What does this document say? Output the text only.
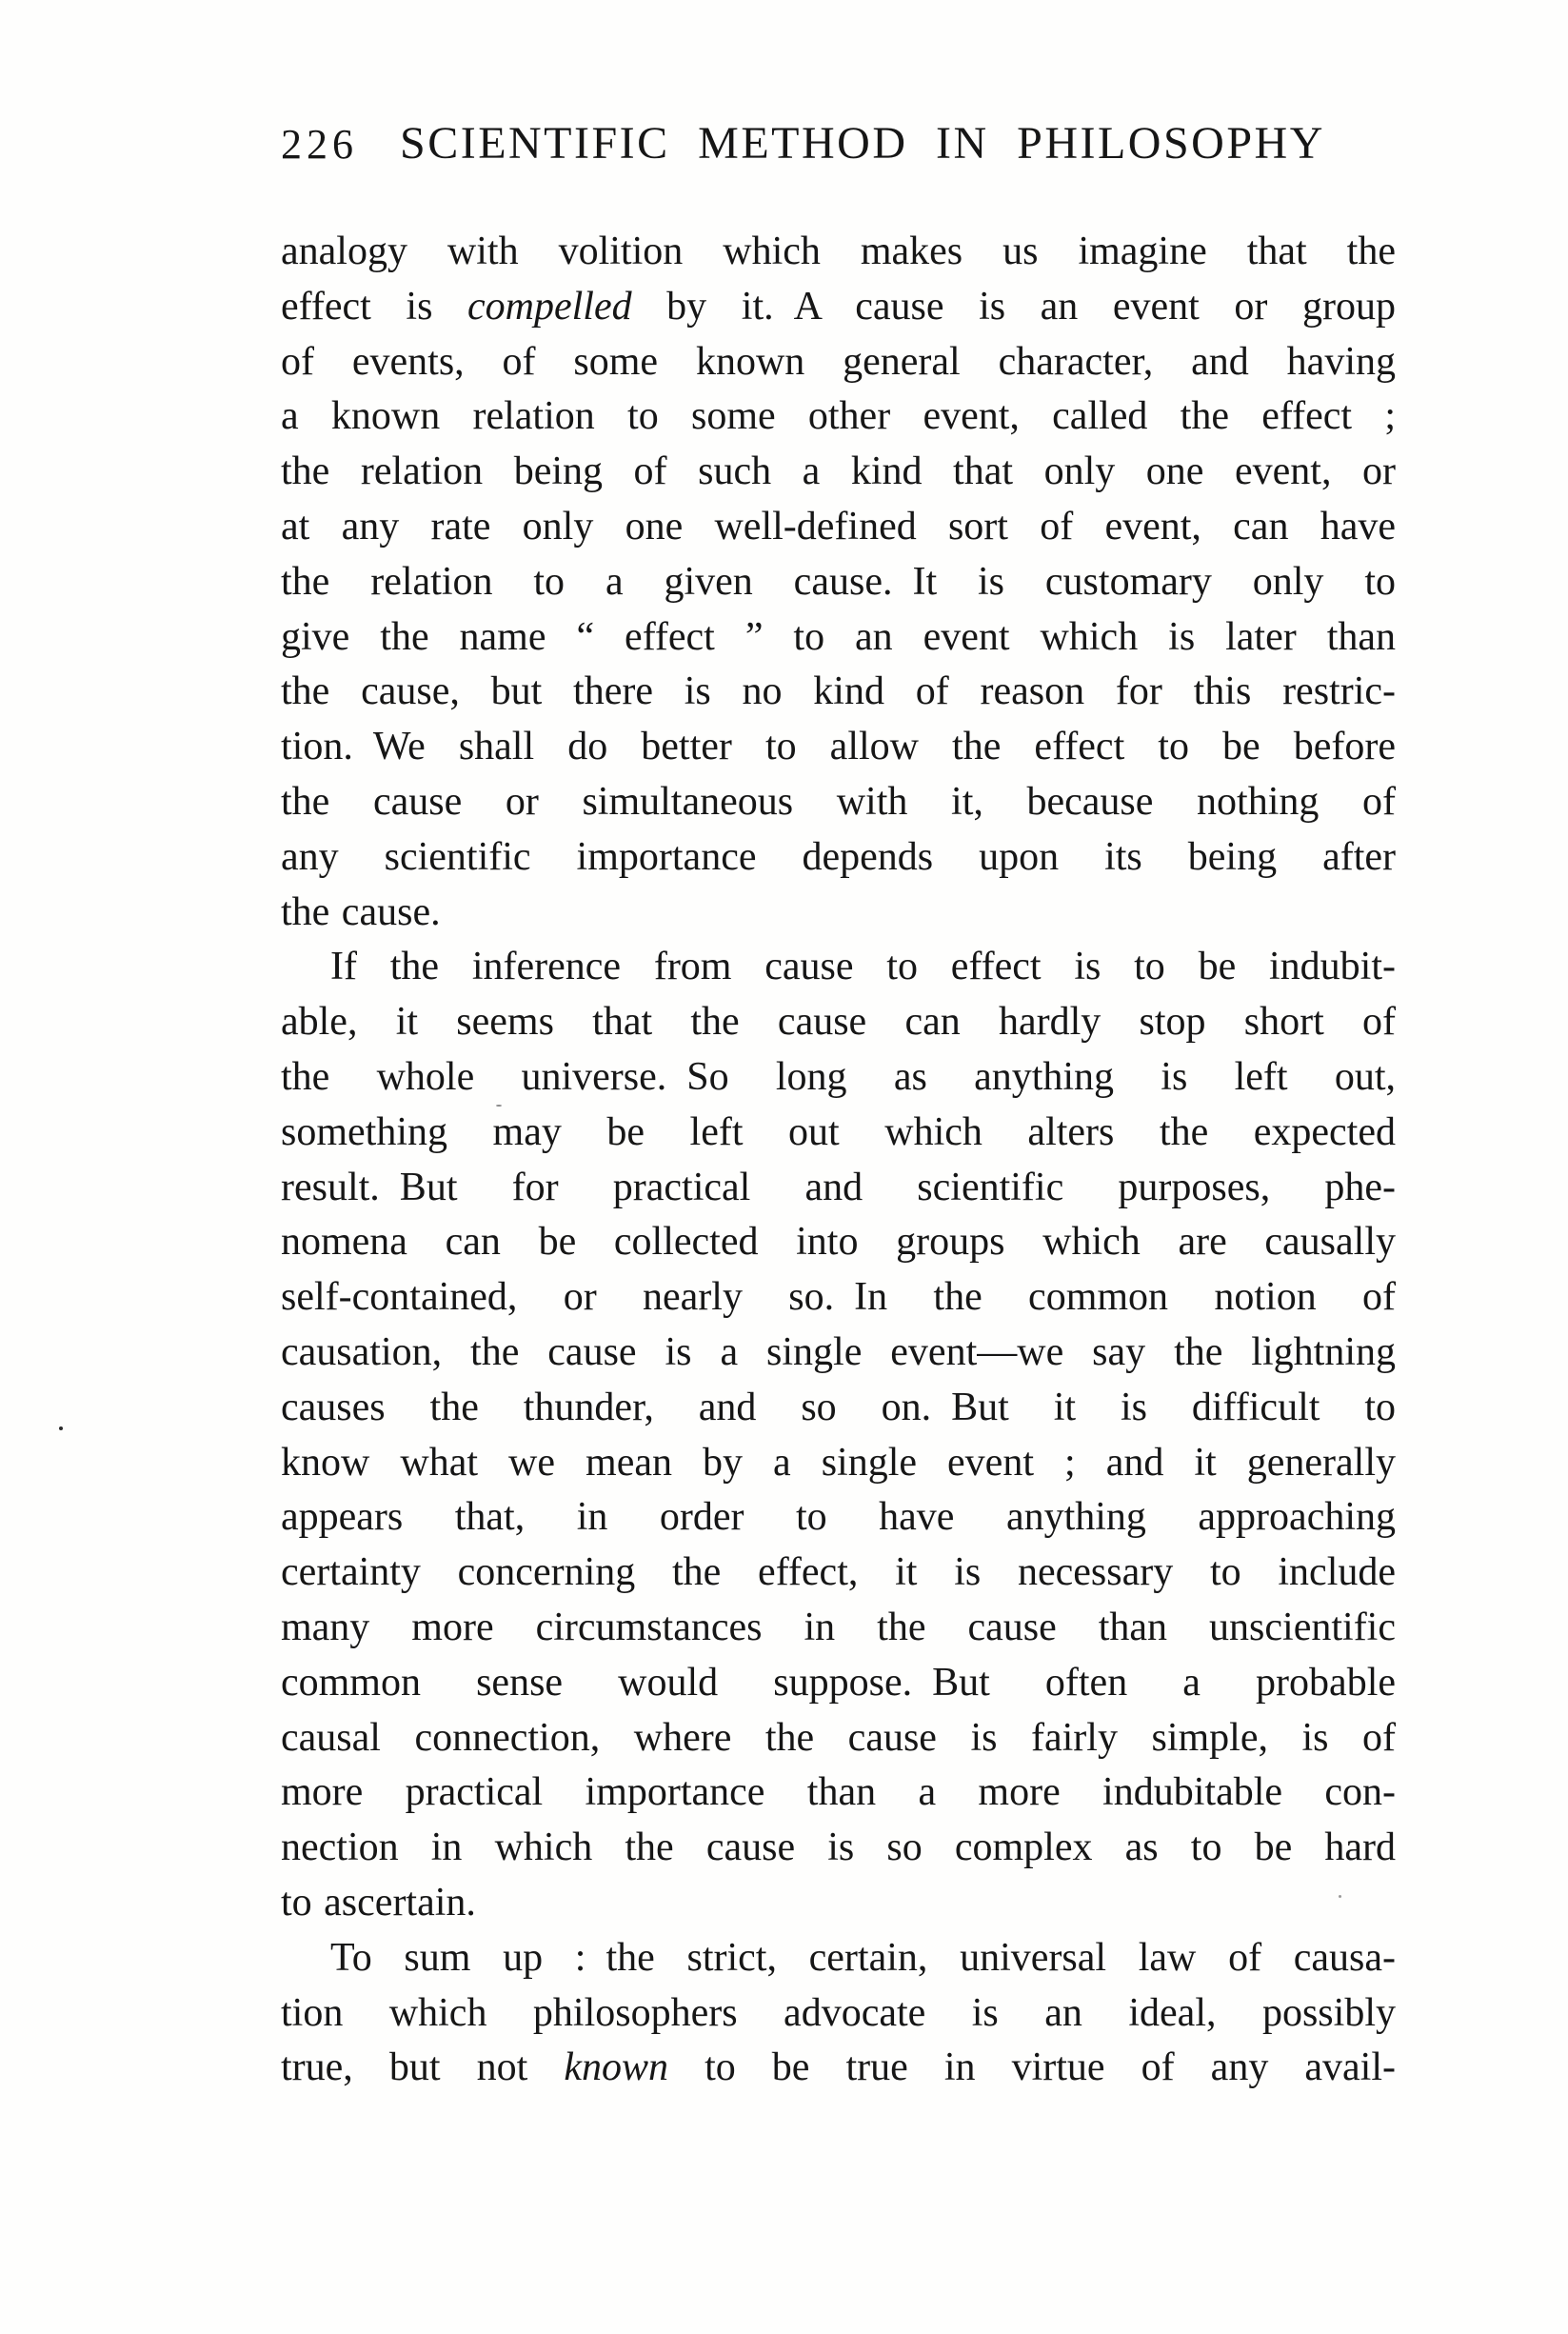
226 SCIENTIFIC METHOD IN PHILOSOPHY
analogy with volition which makes us imagine that the
effect is compelled by it. A cause is an event or group
of events, of some known general character, and having
a known relation to some other event, called the effect ;
the relation being of such a kind that only one event, or
at any rate only one well-defined sort of event, can have
the relation to a given cause. It is customary only to
give the name “ effect ” to an event which is later than
the cause, but there is no kind of reason for this restric-
tion. We shall do better to allow the effect to be before
the cause or simultaneous with it, because nothing of
any scientific importance depends upon its being after
the cause.
If the inference from cause to effect is to be indubit-
able, it seems that the cause can hardly stop short of
the whole universe. So long as anything is left out,
something may be left out which alters the expected
result. But for practical and scientific purposes, phe-
nomena can be collected into groups which are causally
self-contained, or nearly so. In the common notion of
causation, the cause is a single event—we say the lightning
causes the thunder, and so on. But it is difficult to
know what we mean by a single event ; and it generally
appears that, in order to have anything approaching
certainty concerning the effect, it is necessary to include
many more circumstances in the cause than unscientific
common sense would suppose. But often a probable
causal connection, where the cause is fairly simple, is of
more practical importance than a more indubitable con-
nection in which the cause is so complex as to be hard
to ascertain.
To sum up : the strict, certain, universal law of causa-
tion which philosophers advocate is an ideal, possibly
true, but not known to be true in virtue of any avail-
